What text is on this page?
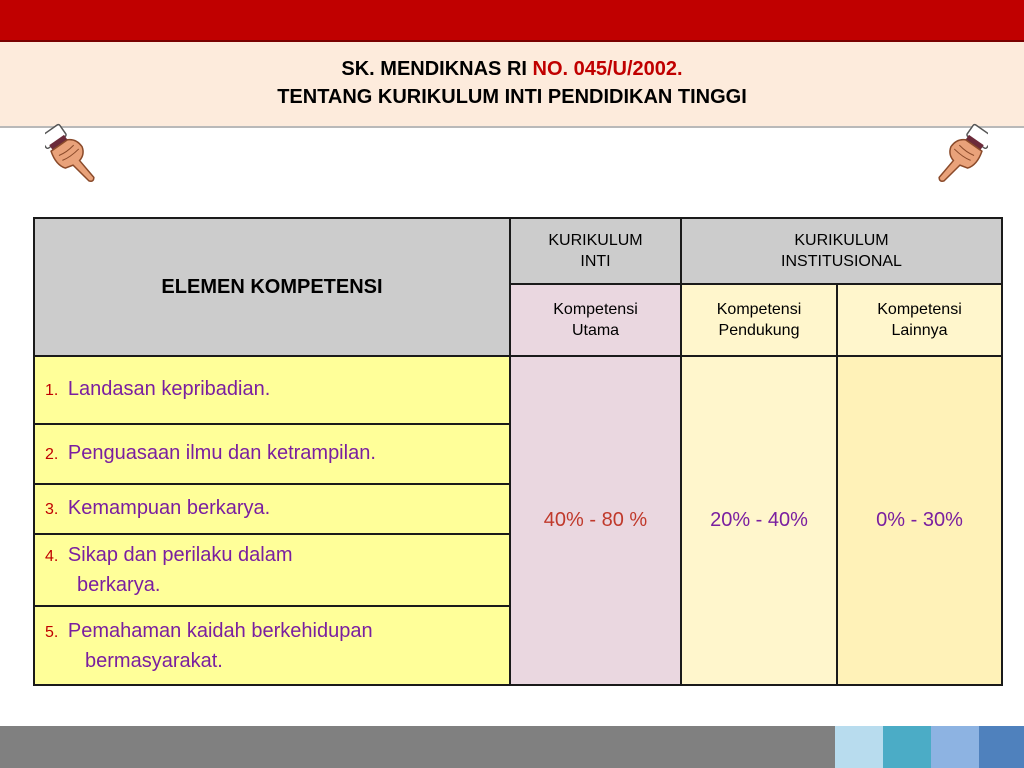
SK. MENDIKNAS RI NO. 045/U/2002.
TENTANG KURIKULUM INTI PENDIDIKAN TINGGI
ELEMEN KOMPETENSI	KURIKULUM INTI	KURIKULUM INSTITUSIONAL	

	Kompetensi Utama	Kompetensi Pendukung	Kompetensi Lainnya

1. Landasan kepribadian.	40% - 80 %	20% - 40%	0% - 30%

2. Penguasaan ilmu dan ketrampilan.			

3. Kemampuan berkarya.			

4. Sikap dan perilaku dalam
berkarya.			

5. Pemahaman kaidah berkehidupan
bermasyarakat.			
